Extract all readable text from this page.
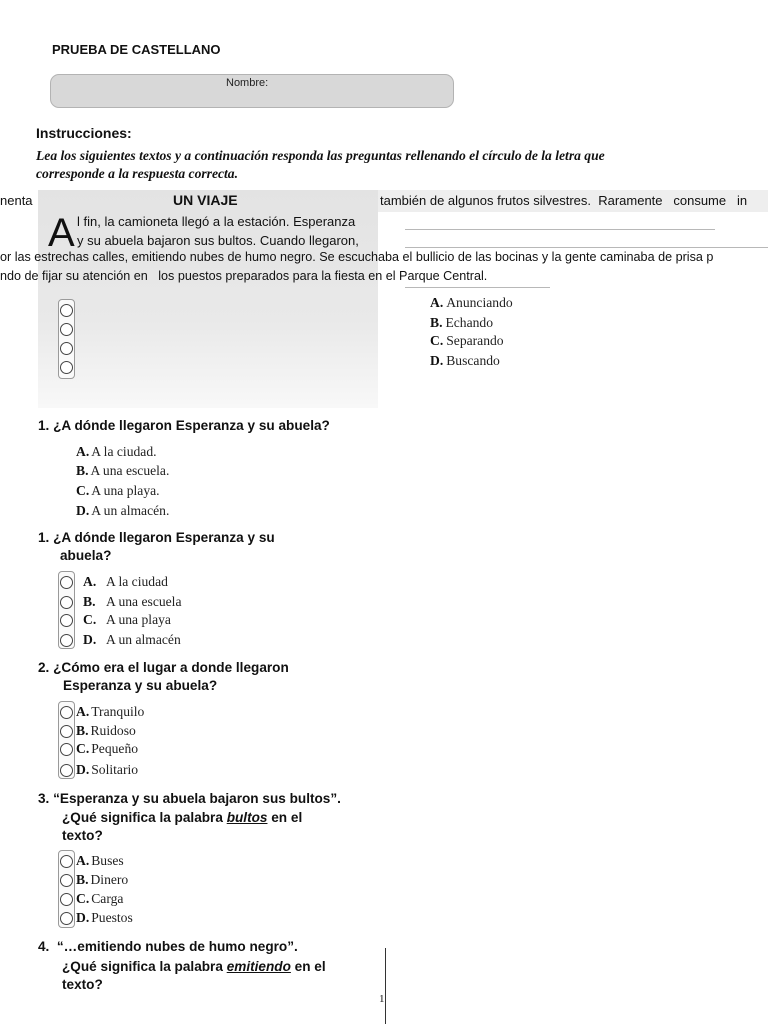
PRUEBA DE CASTELLANO
Nombre:
Instrucciones:
Lea los siguientes textos y a continuación responda las preguntas rellenando el círculo de la letra que
corresponde a la respuesta correcta.
también de algunos frutos silvestres.  Raramente   consume   in
nenta	UN VIAJE
A l fin, la camioneta llegó a la estación. Esperanza
y su abuela bajaron sus bultos. Cuando llegaron,
or las estrechas calles, emitiendo nubes de humo negro. Se escuchaba el bullicio de las bocinas y la gente caminaba de prisa p
ndo de fijar su atención en   los puestos preparados para la fiesta en el Parque Central.
A. Anunciando
B. Echando
C. Separando
D. Buscando
1. ¿A dónde llegaron Esperanza y su abuela?
A. A la ciudad.
B. A una escuela.
C. A una playa.
D. A un almacén.
1. ¿A dónde llegaron Esperanza y su
abuela?
A. A la ciudad
B. A una escuela
C. A una playa
D. A un almacén
2. ¿Cómo era el lugar a donde llegaron
Esperanza y su abuela?
A. Tranquilo
B. Ruidoso
C. Pequeño
D. Solitario
3. “Esperanza y su abuela bajaron sus bultos”.
¿Qué significa la palabra bultos en el
texto?
A. Buses
B. Dinero
C. Carga
D. Puestos
4.  “…emitiendo nubes de humo negro”.
¿Qué significa la palabra emitiendo en el
texto?
1
